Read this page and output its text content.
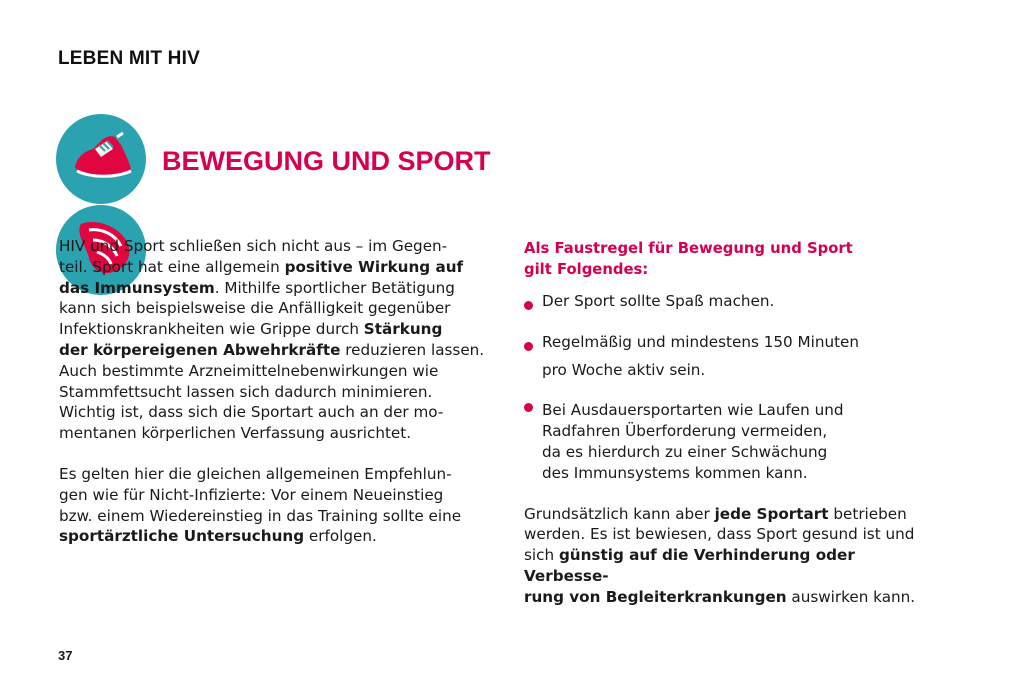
LEBEN MIT HIV
BEWEGUNG UND SPORT

HIV und Sport schließen sich nicht aus – im Gegen-
teil. Sport hat eine allgemein positive Wirkung auf
das Immunsystem. Mithilfe sportlicher Betätigung
kann sich beispielsweise die Anfälligkeit gegenüber
Infektionskrankheiten wie Grippe durch Stärkung
der körpereigenen Abwehrkräfte reduzieren lassen.
Auch bestimmte Arzneimittelnebenwirkungen wie
Stammfettsucht lassen sich dadurch minimieren.
Wichtig ist, dass sich die Sportart auch an der mo-
mentanen körperlichen Verfassung ausrichtet.

Es gelten hier die gleichen allgemeinen Empfehlun-
gen wie für Nicht-Infizierte: Vor einem Neueinstieg
bzw. einem Wiedereinstieg in das Training sollte eine
sportärztliche Untersuchung erfolgen.

Als Faustregel für Bewegung und Sport
gilt Folgendes:
Der Sport sollte Spaß machen.
Regelmäßig und mindestens 150 Minuten
pro Woche aktiv sein.
Bei Ausdauersportarten wie Laufen und
Radfahren Überforderung vermeiden,
da es hierdurch zu einer Schwächung
des Immunsystems kommen kann.

Grundsätzlich kann aber jede Sportart betrieben
werden. Es ist bewiesen, dass Sport gesund ist und
sich günstig auf die Verhinderung oder Verbesse-
rung von Begleiterkrankungen auswirken kann.

37
